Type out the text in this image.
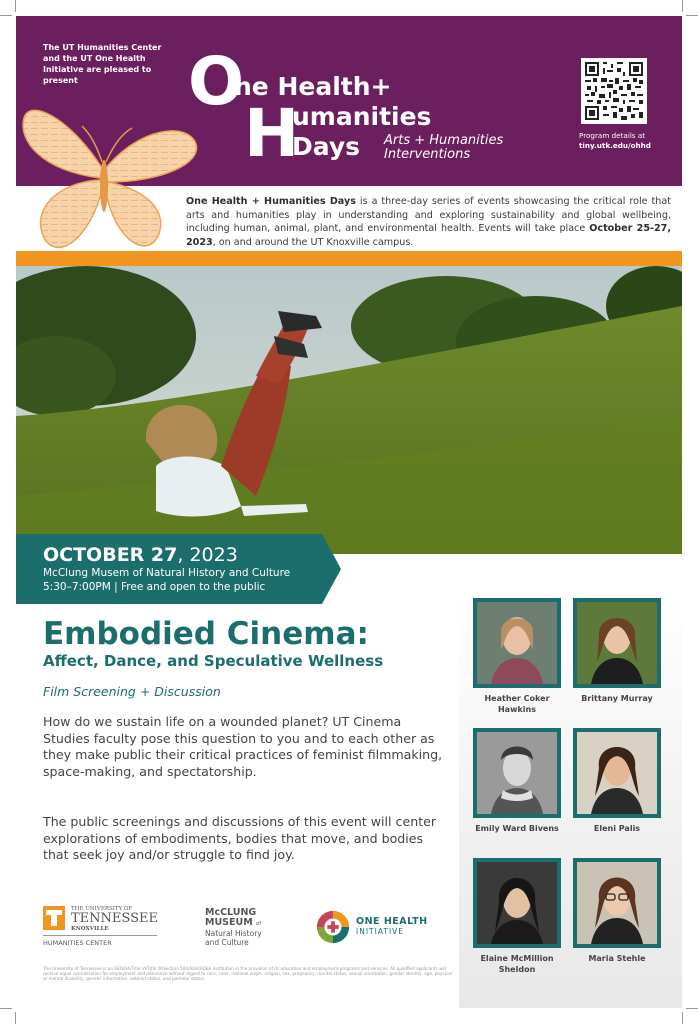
The UT Humanities Center and the UT One Health Initiative are pleased to present	O
ne Health+
H
umanities
Days Arts + Humanities
Interventions
Program details at
tiny.utk.edu/ohhd
One Health + Humanities Days is a three-day series of events showcasing the critical role that arts and humanities play in understanding and exploring sustainability and global wellbeing, including human, animal, plant, and environmental health. Events will take place October 25-27, 2023, on and around the UT Knoxville campus.
OCTOBER 27, 2023
McClung Musem of Natural History and Culture
5:30–7:00PM | Free and open to the public
Embodied Cinema:
Affect, Dance, and Speculative Wellness
Film Screening + Discussion
How do we sustain life on a wounded planet? UT Cinema Studies faculty pose this question to you and to each other as they make public their critical practices of feminist filmmaking, space-making, and spectatorship.
The public screenings and discussions of this event will center explorations of embodiments, bodies that move, and bodies that seek joy and/or struggle to find joy.
THE UNIVERSITY OF
TENNESSEE
KNOXVILLE
HUMANITIES CENTER
McCLUNG
MUSEUM of
Natural History
and Culture
ONE HEALTH
INITIATIVE
The University of Tennessee is an EEO/AA/Title VI/Title IX/Section 504/ADA/ADEA institution in the provision of its education and employment programs and services. All qualified applicants will receive equal consideration for employment and admission without regard to race, color, national origin, religion, sex, pregnancy, marital status, sexual orientation, gender identity, age, physical or mental disability, genetic information, veteran status, and parental status.
Heather Coker Hawkins
Brittany Murray
Emily Ward Bivens	Eleni Palis
Elaine McMillion Sheldon
Maria Stehle
